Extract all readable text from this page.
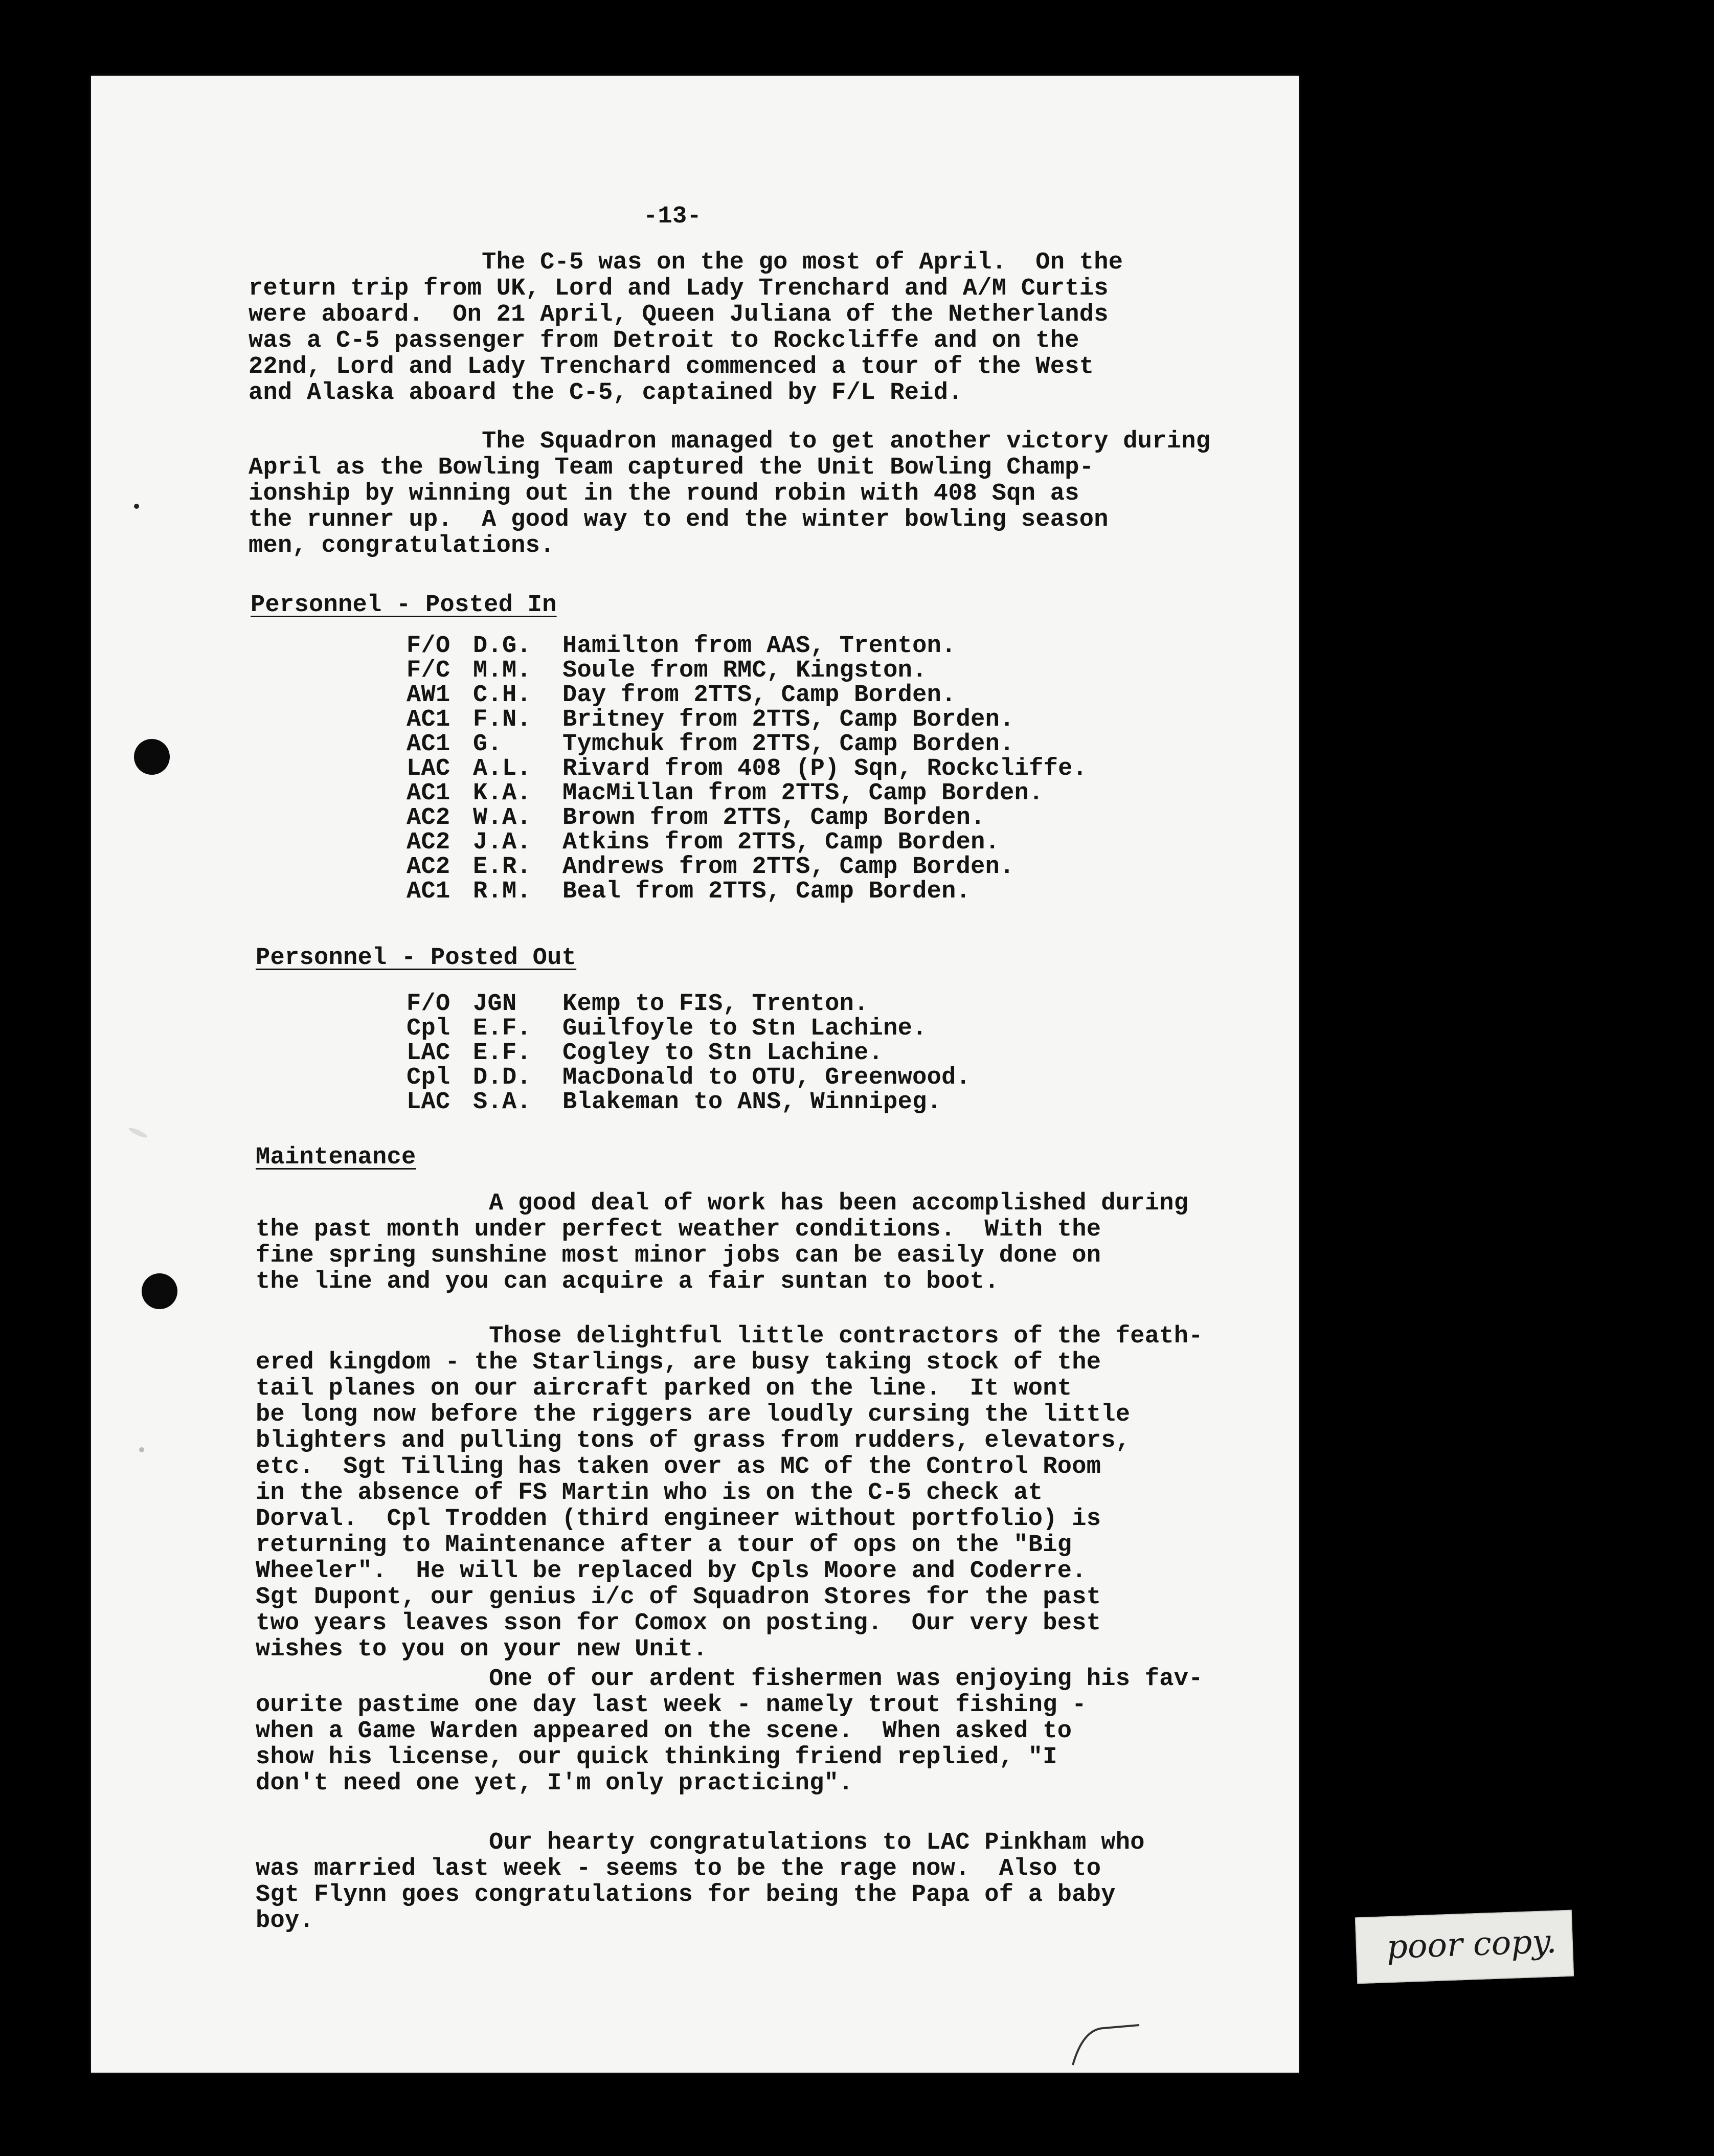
-13-
The C-5 was on the go most of April.  On the
return trip from UK, Lord and Lady Trenchard and A/M Curtis
were aboard.  On 21 April, Queen Juliana of the Netherlands
was a C-5 passenger from Detroit to Rockcliffe and on the
22nd, Lord and Lady Trenchard commenced a tour of the West
and Alaska aboard the C-5, captained by F/L Reid.
The Squadron managed to get another victory during
April as the Bowling Team captured the Unit Bowling Champ-
ionship by winning out in the round robin with 408 Sqn as
the runner up.  A good way to end the winter bowling season
men, congratulations.
Personnel - Posted In
F/O D.G. Hamilton from AAS, Trenton.
F/C M.M. Soule from RMC, Kingston.
AW1 C.H. Day from 2TTS, Camp Borden.
AC1 F.N. Britney from 2TTS, Camp Borden.
AC1 G.	Tymchuk from 2TTS, Camp Borden.
LAC A.L. Rivard from 408 (P) Sqn, Rockcliffe.
AC1 K.A. MacMillan from 2TTS, Camp Borden.
AC2 W.A. Brown from 2TTS, Camp Borden.
AC2 J.A. Atkins from 2TTS, Camp Borden.
AC2 E.R. Andrews from 2TTS, Camp Borden.
AC1 R.M. Beal from 2TTS, Camp Borden.
Personnel - Posted Out
F/O JGN Kemp to FIS, Trenton.
Cpl E.F. Guilfoyle to Stn Lachine.
LAC E.F. Cogley to Stn Lachine.
Cpl D.D. MacDonald to OTU, Greenwood.
LAC S.A. Blakeman to ANS, Winnipeg.
Maintenance
A good deal of work has been accomplished during
the past month under perfect weather conditions.  With the
fine spring sunshine most minor jobs can be easily done on
the line and you can acquire a fair suntan to boot.
Those delightful little contractors of the feath-
ered kingdom - the Starlings, are busy taking stock of the
tail planes on our aircraft parked on the line.  It wont
be long now before the riggers are loudly cursing the little
blighters and pulling tons of grass from rudders, elevators,
etc.  Sgt Tilling has taken over as MC of the Control Room
in the absence of FS Martin who is on the C-5 check at
Dorval.  Cpl Trodden (third engineer without portfolio) is
returning to Maintenance after a tour of ops on the "Big
Wheeler".  He will be replaced by Cpls Moore and Coderre.
Sgt Dupont, our genius i/c of Squadron Stores for the past
two years leaves sson for Comox on posting.  Our very best
wishes to you on your new Unit.
One of our ardent fishermen was enjoying his fav-
ourite pastime one day last week - namely trout fishing -
when a Game Warden appeared on the scene.  When asked to
show his license, our quick thinking friend replied, "I
don't need one yet, I'm only practicing".
Our hearty congratulations to LAC Pinkham who
was married last week - seems to be the rage now.  Also to
Sgt Flynn goes congratulations for being the Papa of a baby
boy.
poor copy.
